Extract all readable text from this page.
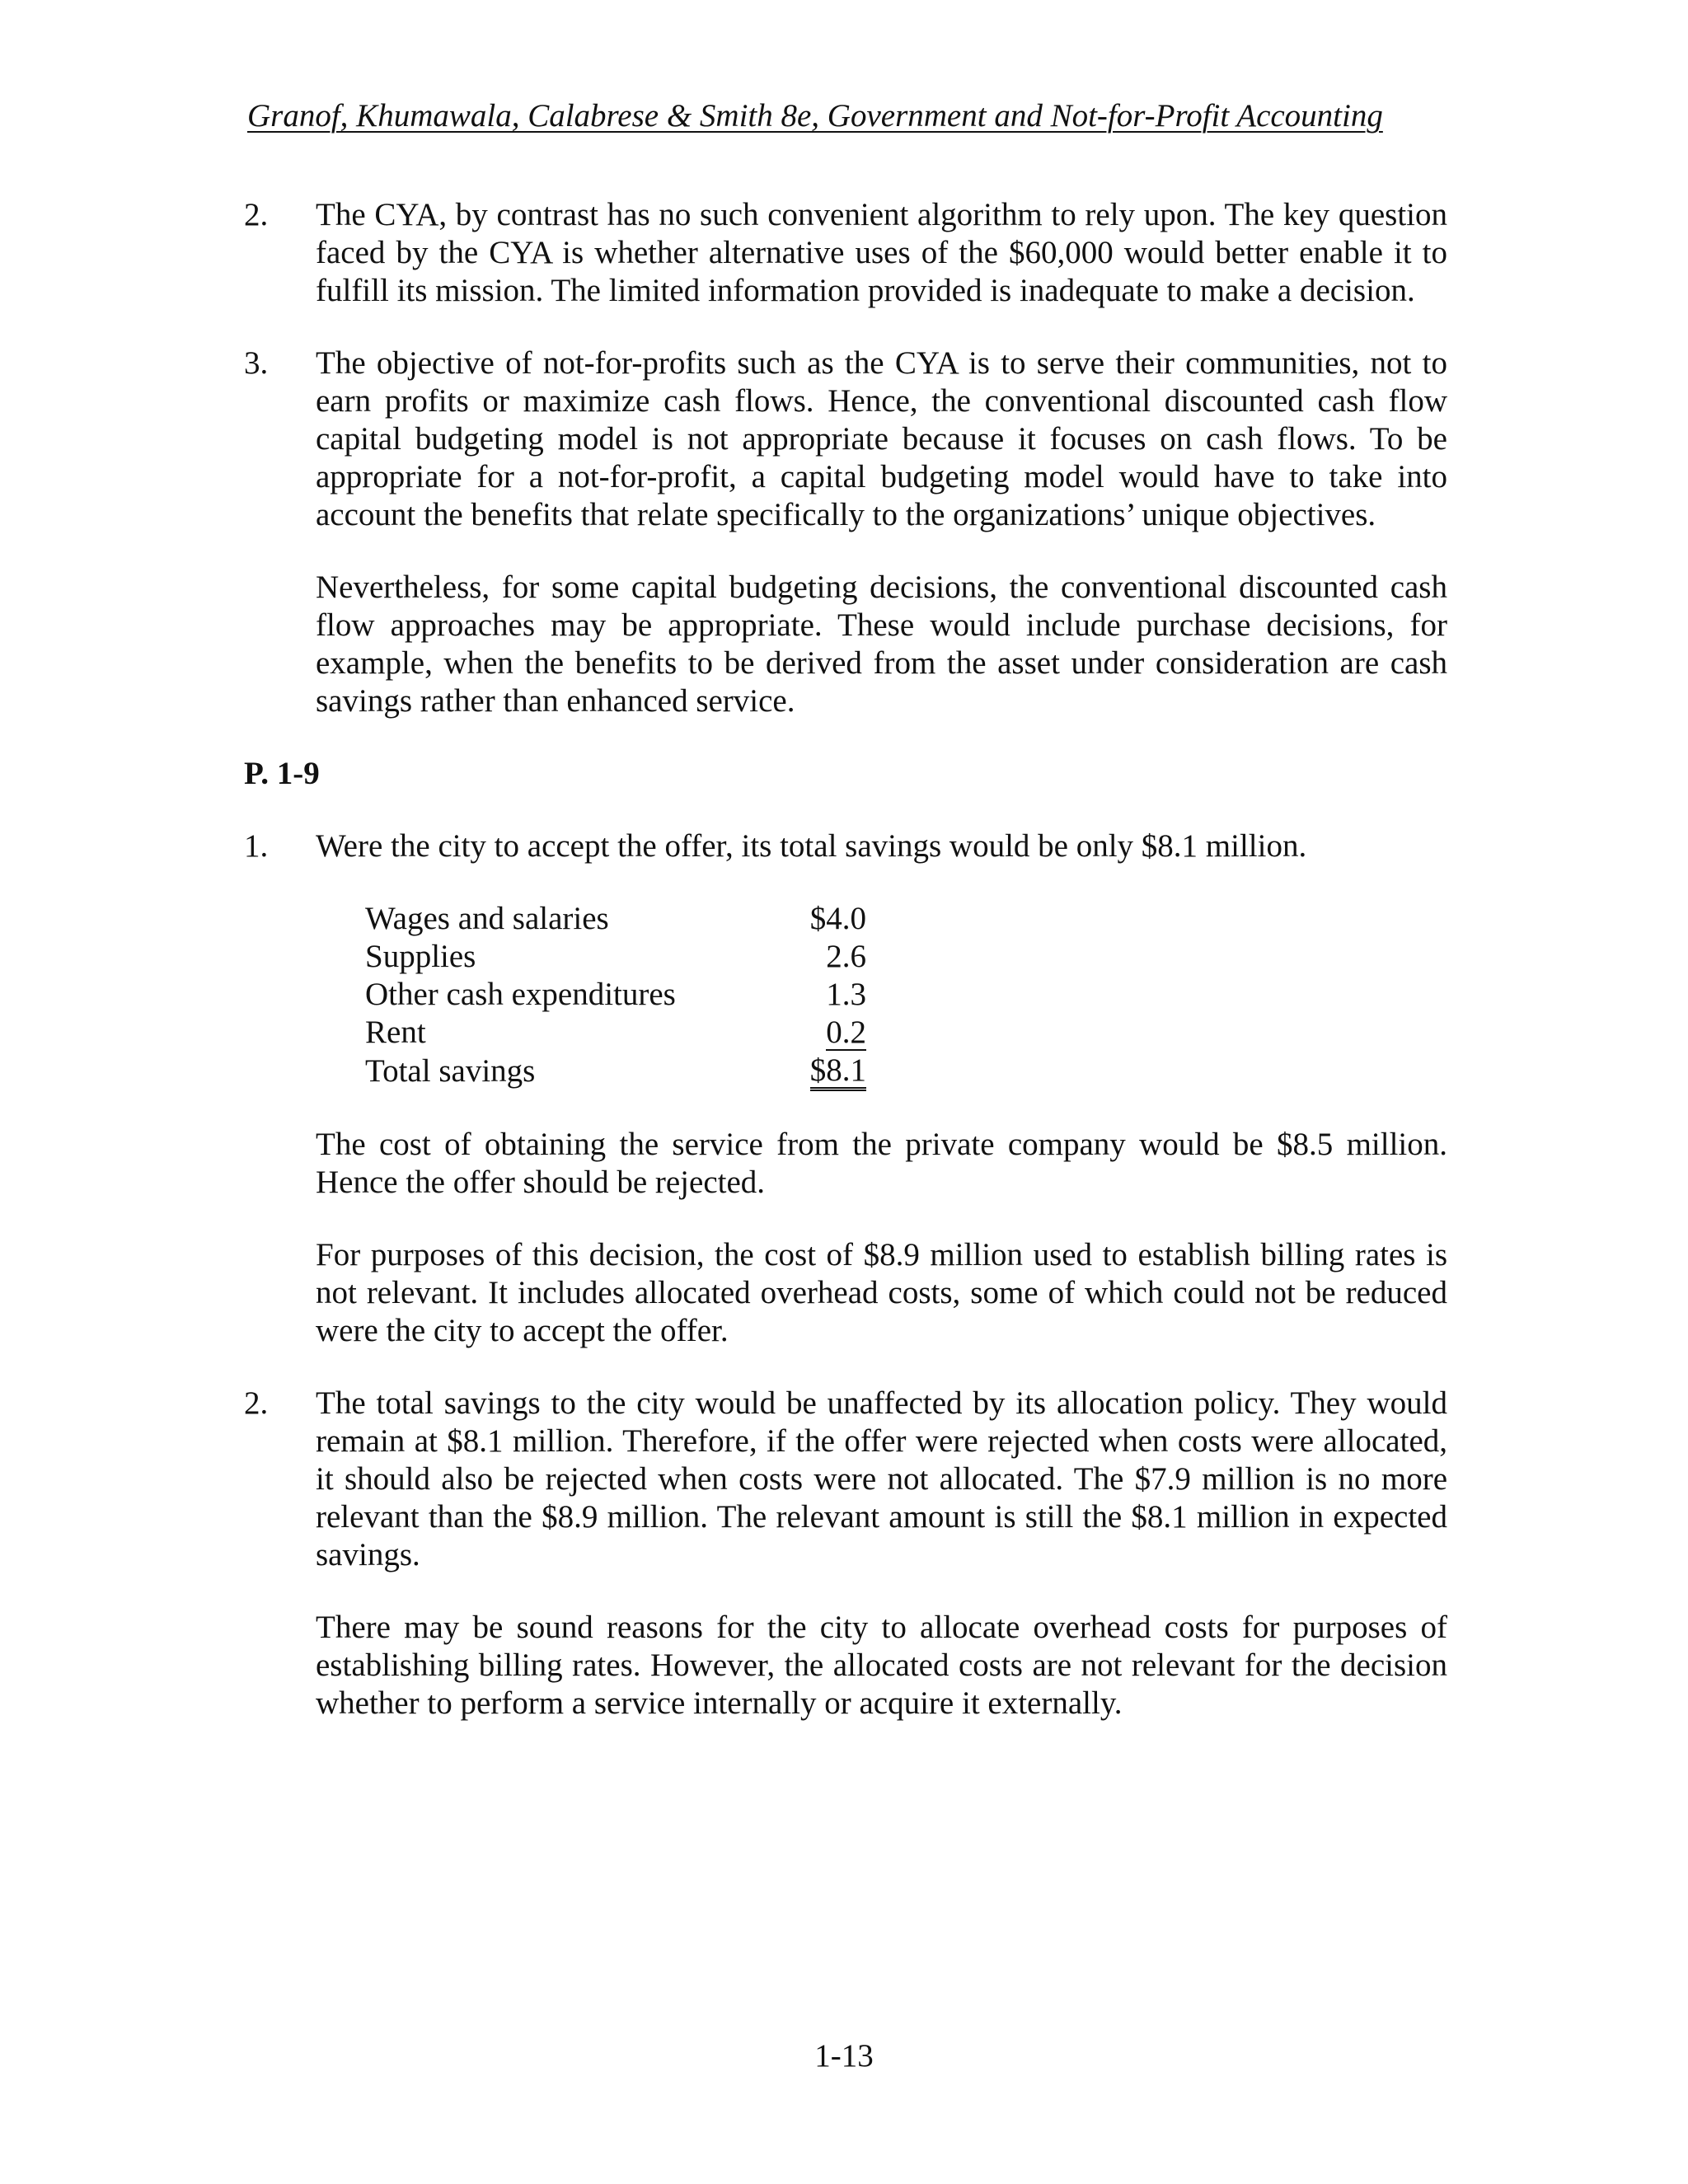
Granof, Khumawala, Calabrese & Smith 8e, Government and Not-for-Profit Accounting
2.	The CYA, by contrast has no such convenient algorithm to rely upon. The key question faced by the CYA is whether alternative uses of the $60,000 would better enable it to fulfill its mission. The limited information provided is inadequate to make a decision.

3.	The objective of not-for-profits such as the CYA is to serve their communities, not to earn profits or maximize cash flows. Hence, the conventional discounted cash flow capital budgeting model is not appropriate because it focuses on cash flows. To be appropriate for a not-for-profit, a capital budgeting model would have to take into account the benefits that relate specifically to the organizations’ unique objectives.

Nevertheless, for some capital budgeting decisions, the conventional discounted cash flow approaches may be appropriate. These would include purchase decisions, for example, when the benefits to be derived from the asset under consideration are cash savings rather than enhanced service.

P. 1-9
1.	Were the city to accept the offer, its total savings would be only $8.1 million.

Wages and salaries	$4.0
Supplies	2.6
Other cash expenditures	1.3
Rent	0.2
Total savings	$8.1

The cost of obtaining the service from the private company would be $8.5 million. Hence the offer should be rejected.

For purposes of this decision, the cost of $8.9 million used to establish billing rates is not relevant. It includes allocated overhead costs, some of which could not be reduced were the city to accept the offer.

2.	The total savings to the city would be unaffected by its allocation policy. They would remain at $8.1 million. Therefore, if the offer were rejected when costs were allocated, it should also be rejected when costs were not allocated. The $7.9 million is no more relevant than the $8.9 million. The relevant amount is still the $8.1 million in expected savings.

There may be sound reasons for the city to allocate overhead costs for purposes of establishing billing rates. However, the allocated costs are not relevant for the decision whether to perform a service internally or acquire it externally.

1-13
